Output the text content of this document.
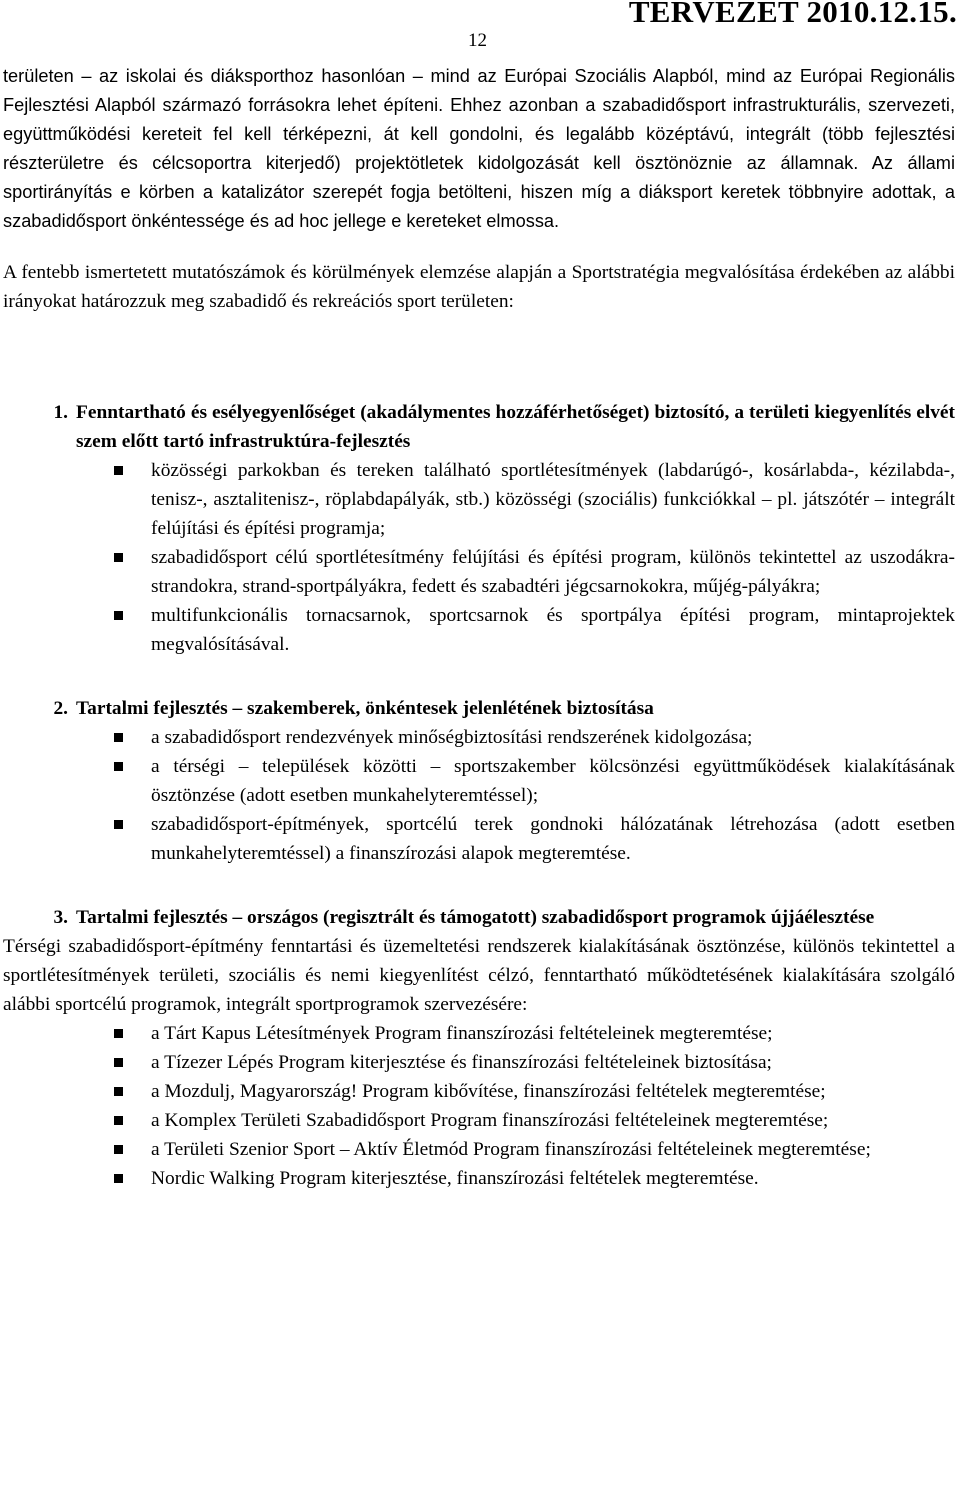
12
TERVEZET 2010.12.15.

területen – az iskolai és diáksporthoz hasonlóan – mind az Európai Szociális Alapból, mind az Európai Regionális Fejlesztési Alapból származó forrásokra lehet építeni. Ehhez azonban a szabadidősport infrastrukturális, szervezeti, együttműködési kereteit fel kell térképezni, át kell gondolni, és legalább középtávú, integrált (több fejlesztési részterületre és célcsoportra kiterjedő) projektötletek kidolgozását kell ösztönöznie az államnak. Az állami sportirányítás e körben a katalizátor szerepét fogja betölteni, hiszen míg a diáksport keretek többnyire adottak, a szabadidősport önkéntessége és ad hoc jellege e kereteket elmossa.

A fentebb ismertetett mutatószámok és körülmények elemzése alapján a Sportstratégia megvalósítása érdekében az alábbi irányokat határozzuk meg szabadidő és rekreációs sport területen:

1. Fenntartható és esélyegyenlőséget (akadálymentes hozzáférhetőséget) biztosító, a területi kiegyenlítés elvét szem előtt tartó infrastruktúra-fejlesztés
közösségi parkokban és tereken található sportlétesítmények (labdarúgó-, kosárlabda-, kézilabda-, tenisz-, asztalitenisz-, röplabdapályák, stb.) közösségi (szociális) funkciókkal – pl. játszótér – integrált felújítási és építési programja;
szabadidősport célú sportlétesítmény felújítási és építési program, különös tekintettel az uszodákra-strandokra, strand-sportpályákra, fedett és szabadtéri jégcsarnokokra, műjég-pályákra;
multifunkcionális tornacsarnok, sportcsarnok és sportpálya építési program, mintaprojektek megvalósításával.
2. Tartalmi fejlesztés – szakemberek, önkéntesek jelenlétének biztosítása
a szabadidősport rendezvények minőségbiztosítási rendszerének kidolgozása;
a térségi – települések közötti – sportszakember kölcsönzési együttműködések kialakításának ösztönzése (adott esetben munkahelyteremtéssel);
szabadidősport-építmények, sportcélú terek gondnoki hálózatának létrehozása (adott esetben munkahelyteremtéssel) a finanszírozási alapok megteremtése.
3. Tartalmi fejlesztés – országos (regisztrált és támogatott) szabadidősport programok újjáélesztése

Térségi szabadidősport-építmény fenntartási és üzemeltetési rendszerek kialakításának ösztönzése, különös tekintettel a sportlétesítmények területi, szociális és nemi kiegyenlítést célzó, fenntartható működtetésének kialakítására szolgáló alábbi sportcélú programok, integrált sportprogramok szervezésére:

a Tárt Kapus Létesítmények Program finanszírozási feltételeinek megteremtése;
a Tízezer Lépés Program kiterjesztése és finanszírozási feltételeinek biztosítása;
a Mozdulj, Magyarország! Program kibővítése, finanszírozási feltételek megteremtése;
a Komplex Területi Szabadidősport Program finanszírozási feltételeinek megteremtése;
a Területi Szenior Sport – Aktív Életmód Program finanszírozási feltételeinek megteremtése;
Nordic Walking Program kiterjesztése, finanszírozási feltételek megteremtése.
